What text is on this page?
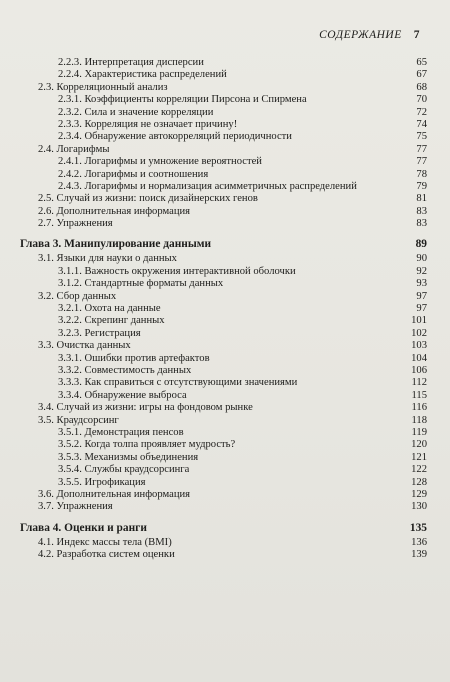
СОДЕРЖАНИЕ 7
2.2.3. Интерпретация дисперсии	65
2.2.4. Характеристика распределений	67
2.3. Корреляционный анализ	68
2.3.1. Коэффициенты корреляции Пирсона и Спирмена	70
2.3.2. Сила и значение корреляции	72
2.3.3. Корреляция не означает причину!	74
2.3.4. Обнаружение автокорреляций периодичности	75
2.4. Логарифмы	77
2.4.1. Логарифмы и умножение вероятностей	77
2.4.2. Логарифмы и соотношения	78
2.4.3. Логарифмы и нормализация асимметричных распределений	79
2.5. Случай из жизни: поиск дизайнерских генов	81
2.6. Дополнительная информация	83
2.7. Упражнения	83
Глава 3. Манипулирование данными	89
3.1. Языки для науки о данных	90
3.1.1. Важность окружения интерактивной оболочки	92
3.1.2. Стандартные форматы данных	93
3.2. Сбор данных	97
3.2.1. Охота на данные	97
3.2.2. Скрепинг данных	101
3.2.3. Регистрация	102
3.3. Очистка данных	103
3.3.1. Ошибки против артефактов	104
3.3.2. Совместимость данных	106
3.3.3. Как справиться с отсутствующими значениями	112
3.3.4. Обнаружение выброса	115
3.4. Случай из жизни: игры на фондовом рынке	116
3.5. Краудсорсинг	118
3.5.1. Демонстрация пенсов	119
3.5.2. Когда толпа проявляет мудрость?	120
3.5.3. Механизмы объединения	121
3.5.4. Службы краудсорсинга	122
3.5.5. Игрофикация	128
3.6. Дополнительная информация	129
3.7. Упражнения	130
Глава 4. Оценки и ранги	135
4.1. Индекс массы тела (BMI)	136
4.2. Разработка систем оценки	139
